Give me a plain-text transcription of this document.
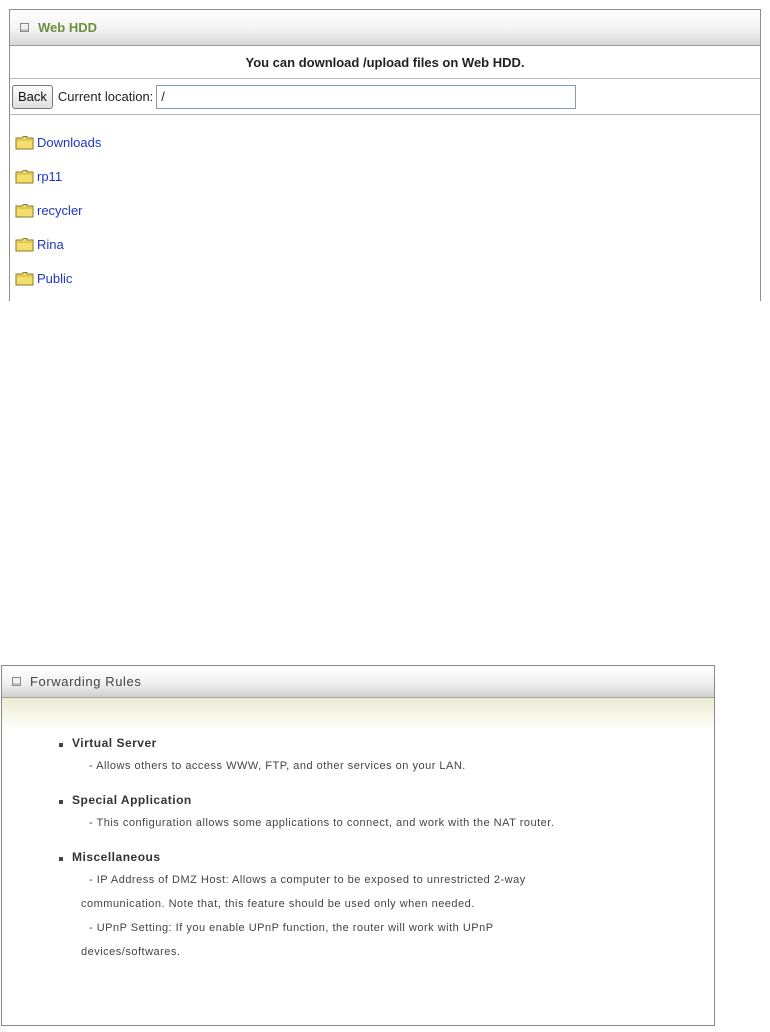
Web HDD
You can download /upload files on Web HDD.
Back Current location:
/
Downloads
rp11
recycler
Rina
Public
Forwarding Rules
Virtual Server
- Allows others to access WWW, FTP, and other services on your LAN.
Special Application
- This configuration allows some applications to connect, and work with the NAT router.
Miscellaneous
- IP Address of DMZ Host: Allows a computer to be exposed to unrestricted 2-way
communication. Note that, this feature should be used only when needed.
- UPnP Setting: If you enable UPnP function, the router will work with UPnP
devices/softwares.
